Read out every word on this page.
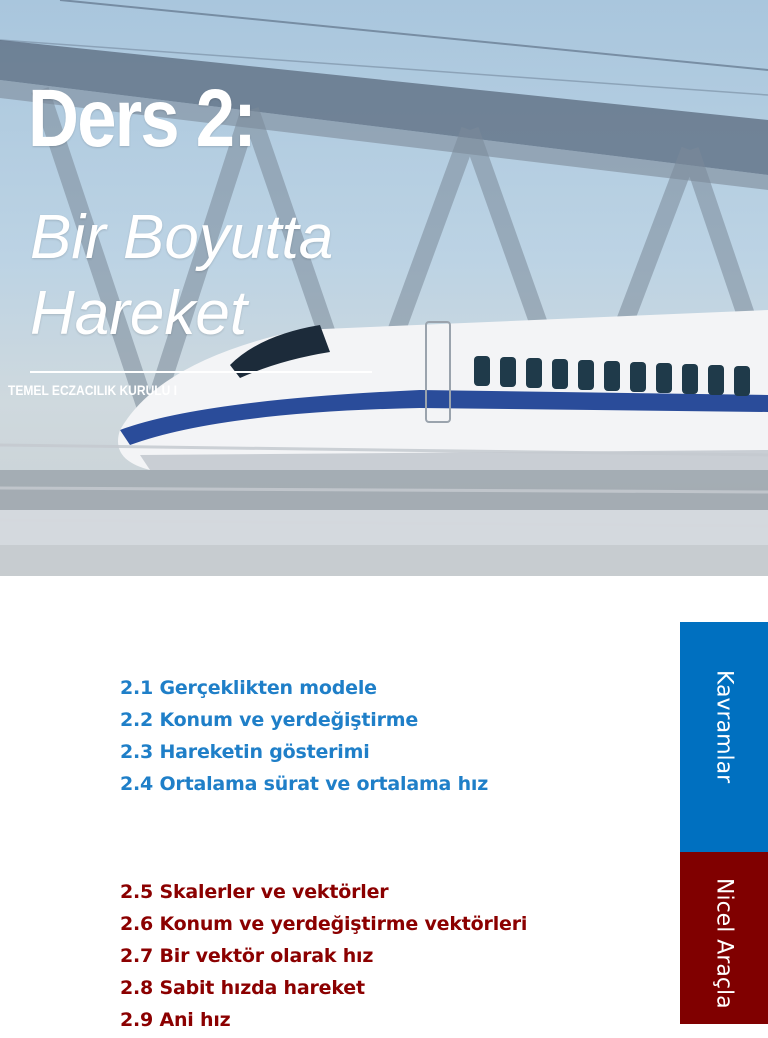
Ders 2:
Bir Boyutta
Hareket
TEMEL ECZACILIK KURULU I
2.1 Gerçeklikten modele
2.2 Konum ve yerdeğiştirme
2.3 Hareketin gösterimi
2.4 Ortalama sürat ve ortalama hız
2.5 Skalerler ve vektörler
2.6 Konum ve yerdeğiştirme vektörleri
2.7 Bir vektör olarak hız
2.8 Sabit hızda hareket
2.9 Ani hız
Kavramlar
Nicel Araçla
